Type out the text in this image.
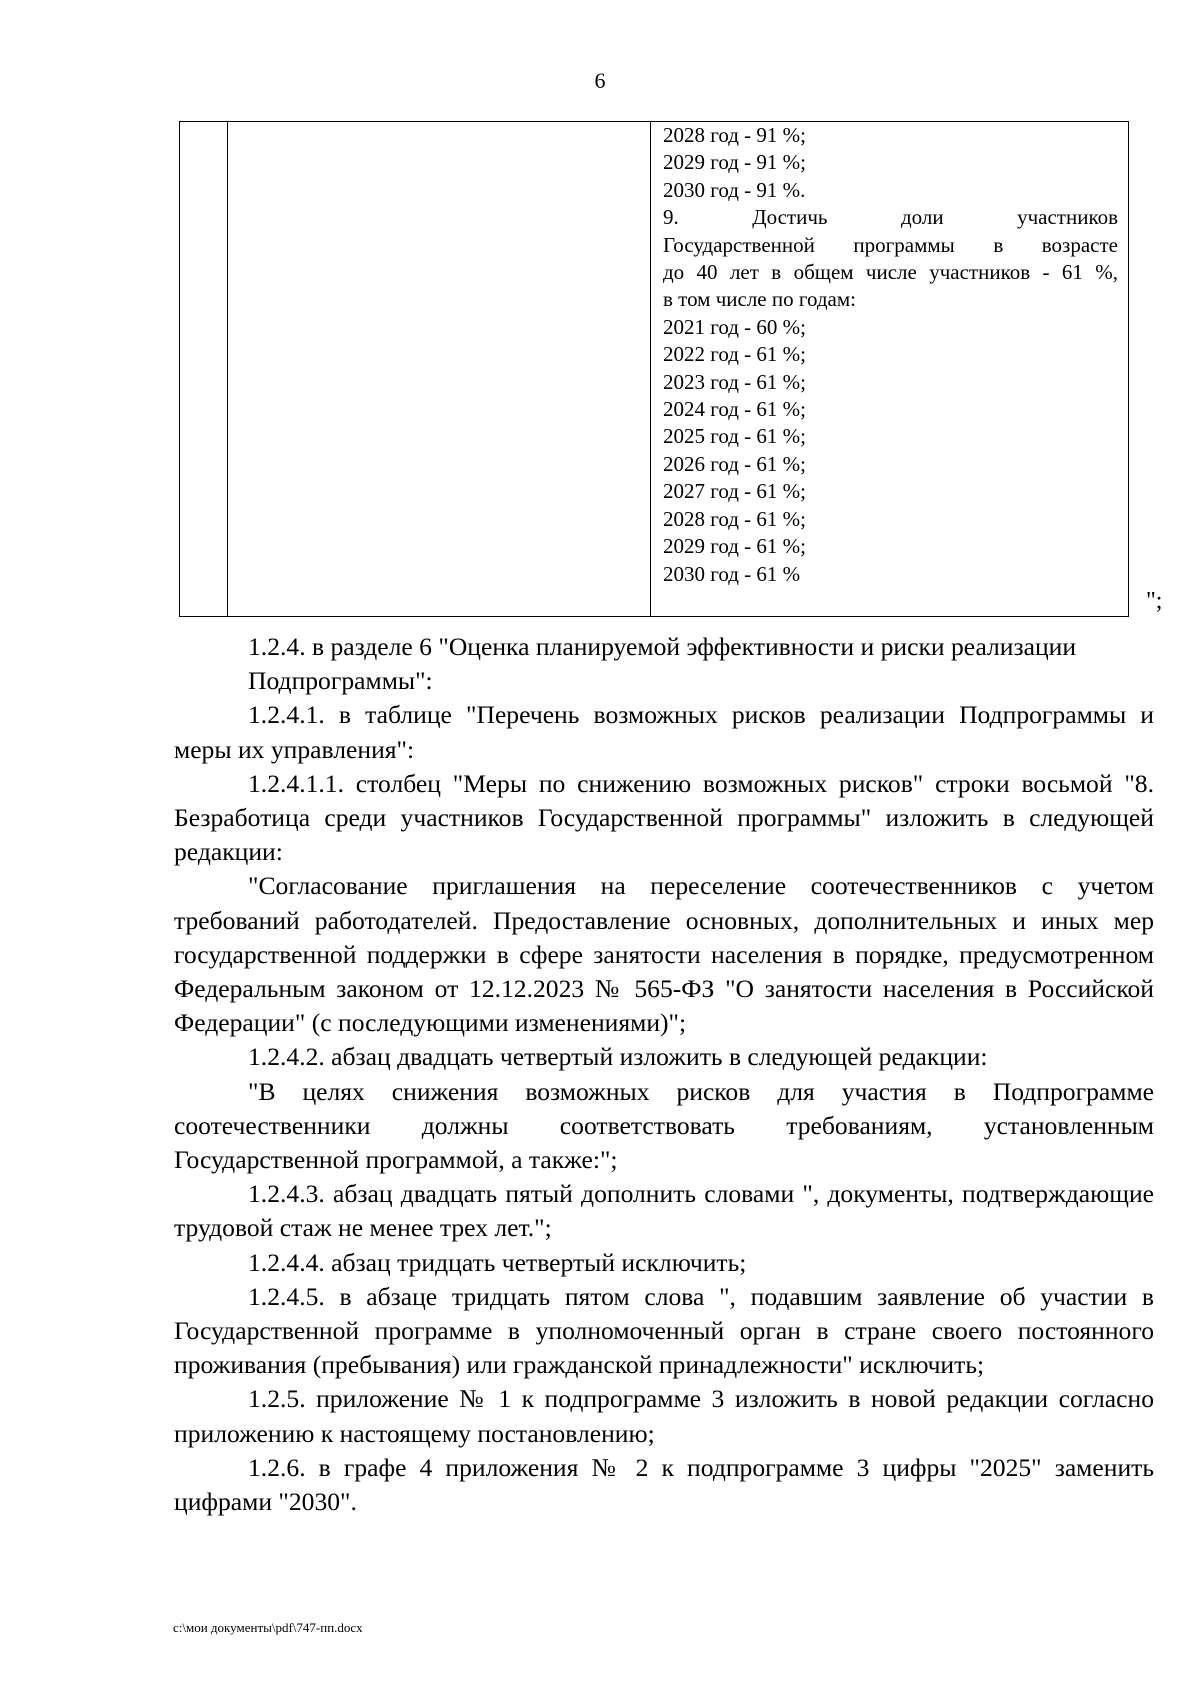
6
2028 год - 91 %;
2029 год - 91 %;
2030 год - 91 %.
9. Достичь доли участников
Государственной программы в возрасте
до 40 лет в общем числе участников - 61 %,
в том числе по годам:
2021 год - 60 %;
2022 год - 61 %;
2023 год - 61 %;
2024 год - 61 %;
2025 год - 61 %;
2026 год - 61 %;
2027 год - 61 %;
2028 год - 61 %;
2029 год - 61 %;
2030 год - 61 %
";
1.2.4. в разделе 6 "Оценка планируемой эффективности и риски реализации
Подпрограммы":
1.2.4.1. в таблице "Перечень возможных рисков реализации Подпрограммы и меры их управления":
1.2.4.1.1. столбец "Меры по снижению возможных рисков" строки восьмой "8. Безработица среди участников Государственной программы" изложить в следующей редакции:
"Согласование приглашения на переселение соотечественников с учетом требований работодателей. Предоставление основных, дополнительных и иных мер государственной поддержки в сфере занятости населения в порядке, предусмотренном Федеральным законом от 12.12.2023 № 565-ФЗ "О занятости населения в Российской Федерации" (с последующими изменениями)";
1.2.4.2. абзац двадцать четвертый изложить в следующей редакции:
"В целях снижения возможных рисков для участия в Подпрограмме соотечественники должны соответствовать требованиям, установленным Государственной программой, а также:";
1.2.4.3. абзац двадцать пятый дополнить словами ", документы, подтверждающие трудовой стаж не менее трех лет.";
1.2.4.4. абзац тридцать четвертый исключить;
1.2.4.5. в абзаце тридцать пятом слова ", подавшим заявление об участии в Государственной программе в уполномоченный орган в стране своего постоянного проживания (пребывания) или гражданской принадлежности" исключить;
1.2.5. приложение № 1 к подпрограмме 3 изложить в новой редакции согласно приложению к настоящему постановлению;
1.2.6. в графе 4 приложения № 2 к подпрограмме 3 цифры "2025" заменить цифрами "2030".
c:\мои документы\pdf\747-пп.docx
